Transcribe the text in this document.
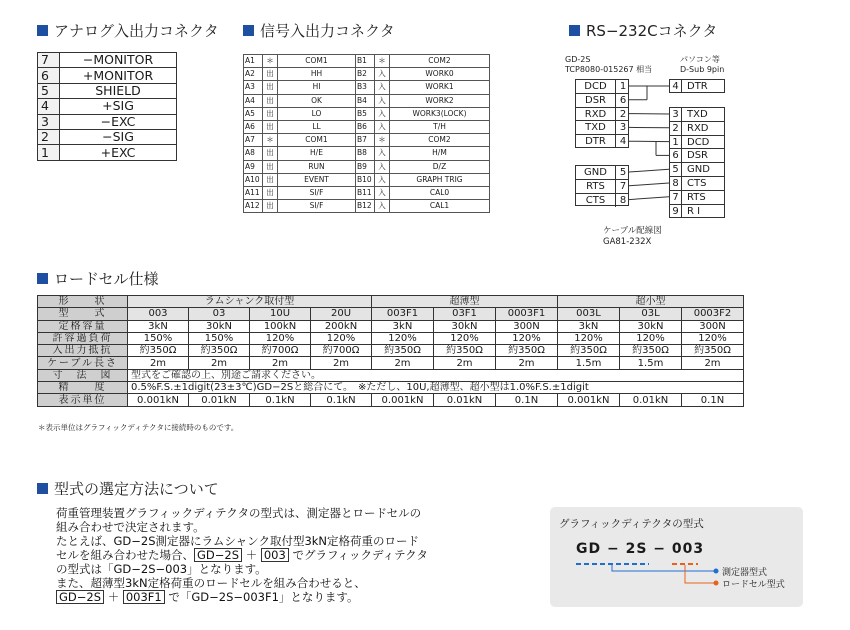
アナログ入出力コネクタ
7	−MONITOR
6	+MONITOR
5	SHIELD
4	+SIG
3	−EXC
2	−SIG
1	+EXC
信号入出力コネクタ
A1	＊	COM1	B1	＊	COM2
A2	出	HH	B2	入	WORK0
A3	出	HI	B3	入	WORK1
A4	出	OK	B4	入	WORK2
A5	出	LO	B5	入	WORK3(LOCK)
A6	出	LL	B6	入	T/H
A7	＊	COM1	B7	＊	COM2
A8	出	H/E	B8	入	H/M
A9	出	RUN	B9	入	D/Z
A10	出	EVENT	B10	入	GRAPH TRIG
A11	出	SI/F	B11	入	CAL0
A12	出	SI/F	B12	入	CAL1
RS−232Cコネクタ
GD-2S
TCP8080-015267 相当
パソコン等
D-Sub 9pin
DCD	1
DSR	6
RXD	2
TXD	3
DTR	4
GND	5
RTS	7
CTS	8
4 DTR
3 TXD
2 RXD
1 DCD
6 DSR
5 GND
8 CTS
7 RTS
9 R I
ケーブル配線図
GA81-232X
ロードセル仕様
形　　状	ラムシャンク取付型				超薄型			超小型		
型　　式	003	03	10U	20U	003F1	03F1	0003F1	003L	03L	0003F2
定格容量	3kN	30kN	100kN	200kN	3kN	30kN	300N	3kN	30kN	300N
許容過負荷	150%	150%	120%	120%	120%	120%	120%	120%	120%	120%
入出力抵抗	約350Ω	約350Ω	約700Ω	約700Ω	約350Ω	約350Ω	約350Ω	約350Ω	約350Ω	約350Ω
ケーブル長さ	2m	2m	2m	2m	2m	2m	2m	1.5m	1.5m	2m
寸　法　図	型式をご確認の上、別途ご請求ください。									
精　　度	0.5%F.S.±1digit(23±3℃)GD−2Sと総合にて。　※ただし、10U,超薄型、超小型は1.0%F.S.±1digit									
表示単位	0.001kN	0.01kN	0.1kN	0.1kN	0.001kN	0.01kN	0.1N	0.001kN	0.01kN	0.1N
＊表示単位はグラフィックディテクタに接続時のものです。
型式の選定方法について
荷重管理装置グラフィックディテクタの型式は、測定器とロードセルの
組み合わせで決定されます。
たとえば、GD−2S測定器にラムシャンク取付型3kN定格荷重のロード
セルを組み合わせた場合、 GD−2S ＋ 003 でグラフィックディテクタ
の型式は「GD−2S−003」となります。
また、超薄型3kN定格荷重のロードセルを組み合わせると、
GD−2S ＋ 003F1 で「GD−2S−003F1」となります。
グラフィックディテクタの型式
GD − 2S − 003
測定器型式
ロードセル型式
